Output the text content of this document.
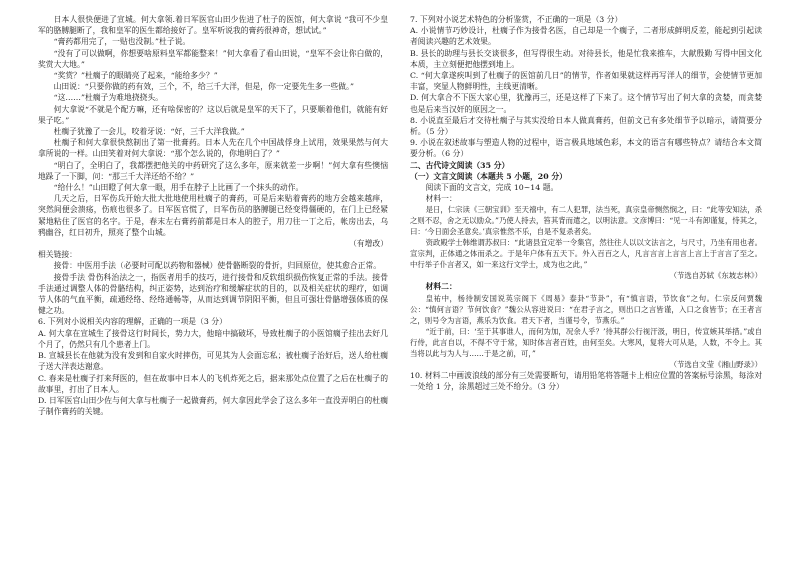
日本人很快便进了宣城。何大拿领.着日军医官山田少佐进了杜子的医馆，何大拿说 “我可不少皇军的胳膊腿断了，我和皇军的医生都给接好了。皇军听说我的膏药很神奇，想试试。”

“膏药都用完了，一贴也没制。”杜子说。

“没有了可以做啊，你想要啥原料皇军都能整来！”何大拿看了看山田说，“皇军不会让你白做的，奖赏大大地。”

“奖赏？”杜瘸子的眼睛亮了起来，“能给多少？”

山田说：“只要你做的药有效，三个，不，给三千大洋，但是，你一定要先生多一些做。”

“这……”杜瘸子为难地挠挠头。

何大拿说“不就是个配方嘛，还有啥保密的？这以后就是皇军的天下了，只要顺着他们，就能有好果子吃。”

杜瘸子犹豫了一会儿，咬着牙说：“好，三千大洋我做。”

杜瘸子和何大拿很快熬制出了第一批膏药。日本人先在几个中国战俘身上试用，效果果然与何大拿所说的一样。山田笑着对何大拿说：“那个怎么说的，你地明白了？”

“明白了，全明白了，我都摆把他关的中药研究了这么多年，原来就差一步啊！”何大拿有些懊恼地跺了一下脚，问：“那三千大洋还给不给？”

“给什么！”山田瞪了何大拿一眼，用手在脖子上比画了一个抹头的动作。

几天之后，日军伤兵开始大批大批地使用杜瘸子的膏药，可是后来贴着膏药的地方会越来越痒，突然间便会溃疡，伤痕也很多了。日军医官慌了，日军伤员的胳膊腿已经变得僵硬的，在门上已经紧紧地粘住了医官的名字。于是，春末左右膏药前都是日本人的腔子，用刀往一丁之后，帐房出去，乌鸦幽谷，红日初升，照亮了整个山城。

（有增改）

相关链接：

接骨：中医用手法（必要时可配以药物和器械）使骨骼断裂的骨折，归回原位，使其愈合正常。

接骨手法 骨伤科治法之一，指医者用手的技巧，进行接骨和反软组织损伤恢复正常的手法。接骨手法通过调整人体的骨骼结构，纠正姿势，达到治疗和缓解症状的目的，以及相关症状的理疗，如调节人体的气血平衡，疏通经络、经络通畅等，从而达到调节阴阳平衡，但且可强壮骨骼增强体质的保健之功。

6. 下列对小说相关内容的理解，正确的一项是（3 分）

A. 何大拿在宣城生了接骨这行时间长，势力大，他暗中搞破坏，导致杜瘸子的小医馆瘸子挂出去好几个月了，仍然只有几个患者上门。

B. 宣城县长在他就为没有发到和自家火时摔伤，可见其为人会面忘私；被杜瘸子治好后，送人给杜瘸子送大洋表达谢意。

C. 春来是杜瘸子打来拜医的，但在故事中日本人的飞机炸死之后，据来那处点位置了之后在杜瘸子的故事里，打出了日本人。

D. 日军医官山田少佐与何大拿与杜瘸子一起做膏药，何大拿因此学会了这么多年一直没弄明白的杜瘸子制作膏药的关键。

7. 下列对小说艺术特色的分析鉴赏，不正确的一项是（3 分）

A. 小说情节巧妙设计，杜瘸子作为接骨名医，自己却是一个瘸子，二者形成鲜明反差，能起到引起读者阅读兴趣的艺术效果。

B. 县长的助理与县长交谈很多，但写得很生动。对待县长，他是忙我来推车，大献殷勤 写得中国文化本质，主立刻便把他摆到地上。

C. “何大拿遂疾叫到了杜瘸子的医馆前几日”的情节，作者如果就这样再写洋人的细节，会使情节更加丰富，突显人物鲜明性，主线更清晰。

D. 何大拿合不下医大家心里，犹豫再三，还是这样了下来了。这个情节写出了何大拿的贪婪，而贪婪也是后来当汉奸的原因之一。

8. 小说直至最后才交待杜瘸子与其实没给日本人做真膏药，但前文已有多处细节予以暗示，请简要分析。（5 分）

9. 小说在叙述故事与塑造人物的过程中，语言极具地域色彩，本文的语言有哪些特点？请结合本文简要分析。（6 分）

二、古代诗文阅读（35 分）

（一）文言文阅读（本题共 5 小题，20 分）

阅读下面的文言文，完成 10~14 题。

材料一：

是日，仁宗读《三朝宝训》至天禧中，有二人犯罪，法当死，真宗皇帝恻然悯之，曰：“此等安知法，杀之则不忍，舍之无以励众。”乃使人持去，笞其背而遣之，以明法意。文彦博曰：“见一斗有卸谨复，恃其之，曰：‘今日面会圣意矣。’真宗惟然不乐，自是不复杀者矣。

资政殿学士韩维谓苏叔曰：“此诸县宜定举一令集官，然往往人以以文法言之，与尺寸，乃坐有用也者。宣宗判，正体通之体而杀之。于是年户体有五天下。外入百百之人，凡言言言上言言上言上于言言了至之。中行举子仆言者又，如一来这行文学士，成为也之此，”

（节选自苏轼《东坡志林》）

材料二：

皇祐中，杨待制安国说英宗阁下《周易》泰卦“节卦”，有“慎言语，节饮食”之句。仁宗反问贾魏公：“慎何言语？节何饮食？”魏公从容进说曰：“在君子言之，则出口之言皆谨，入口之食皆节；在王者言之，则号令为言语，燕乐为饮食。君天下者，当谨号令，节燕乐。”

“近于前，曰：‘至于其事谁人，而何为加，况余人乎？’待其群公行视汗汲，明日，传宣嫉其举措。”或自行侍，此言自以，不得不守于常，知时体言者百姓，由何至矣。大寒风，复将大可从是，人数，不令上。其当将以此与为人与……于是之前，可，”

（节选自文莹《湘山野录》）

10. 材料二中画波浪线的部分有三处需要断句，请用铅笔将答题卡上相应位置的答案标号涂黑，每涂对一处给 1 分，涂黑超过三处不给分。（3 分）
